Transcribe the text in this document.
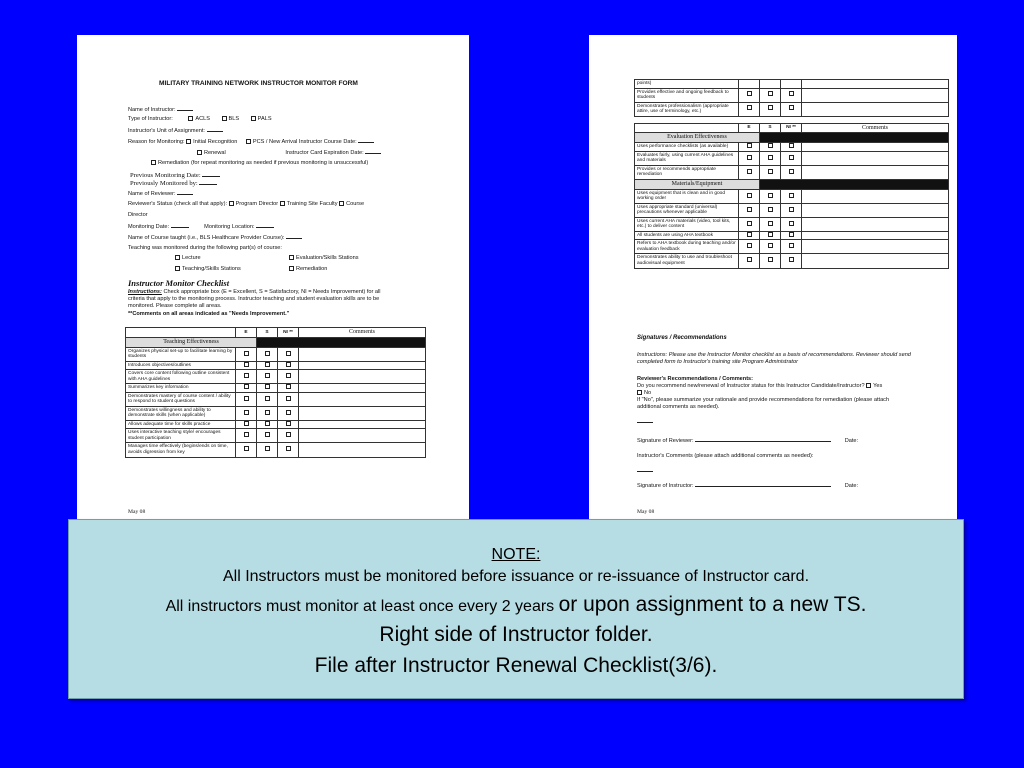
MILITARY TRAINING NETWORK INSTRUCTOR MONITOR FORM
Name of Instructor:
Type of Instructor:	ACLS	BLS	PALS
Instructor's Unit of Assignment:
Reason for Monitoring: Initial Recognition	PCS / New Arrival Instructor Course Date:
Renewal	Instructor Card Expiration Date:
Remediation (for repeat monitoring as needed if previous monitoring is unsuccessful)
Previous Monitoring Date:
Previously Monitored by:
Name of Reviewer:
Reviewer's Status (check all that apply): Program Director Training Site Faculty Course
Director
Monitoring Date:	Monitoring Location:
Name of Course taught (i.e., BLS Healthcare Provider Course):
Teaching was monitored during the following part(s) of course:
Lecture	Evaluation/Skills Stations
Teaching/Skills Stations	Remediation
Instructor Monitor Checklist
Instructions: Check appropriate box (E = Excellent, S = Satisfactory, NI = Needs Improvement) for all
criteria that apply to the monitoring process. Instructor teaching and student evaluation skills are to be
monitored. Please complete all areas.
**Comments on all areas indicated as "Needs Improvement."
	E	S	NI **	Comments
Teaching Effectiveness				
Organizes physical set-up to facilitate learning by students				
Introduces objectives/outlines				
Covers core content following outline consistent with AHA guidelines				
Summarizes key information				
Demonstrates mastery of course content / ability to respond to student questions				
Demonstrates willingness and ability to demonstrate skills (when applicable)				
Allows adequate time for skills practice				
Uses interactive teaching style/ encourages student participation				
Manages time effectively (begins/ends on time, avoids digression from key				
May 08
points)				
Provides effective and ongoing feedback to students				
Demonstrates professionalism (appropriate attire, use of terminology, etc.)				

	E	S	NI **	Comments
Evaluation Effectiveness				
Uses performance checklists (as available)				
Evaluates fairly, using current AHA guidelines and materials				
Provides or recommends appropriate remediation				
Materials/Equipment				
Uses equipment that is clean and in good working order				
Uses appropriate standard (universal) precautions whenever applicable				
Uses current AHA materials (video, tool kits, etc.) to deliver content				
All students are using AHA textbook				
Refers to AHA textbook during teaching and/or evaluation feedback				
Demonstrates ability to use and troubleshoot audiovisual equipment				
Signatures / Recommendations
Instructions: Please use the Instructor Monitor checklist as a basis of recommendations. Reviewer should send
completed form to Instructor's training site Program Administrator
Reviewer's Recommendations / Comments:
Do you recommend new/renewal of Instructor status for this Instructor Candidate/Instructor? Yes
No
If "No", please summarize your rationale and provide recommendations for remediation (please attach
additional comments as needed).
Signature of Reviewer:	Date:
Instructor's Comments (please attach additional comments as needed):
Signature of Instructor:	Date:
May 08
NOTE:
All Instructors must be monitored before issuance or re-issuance of Instructor card.
All instructors must monitor at least once every 2 years or upon assignment to a new TS.
Right side of Instructor folder.
File after Instructor Renewal Checklist(3/6).
